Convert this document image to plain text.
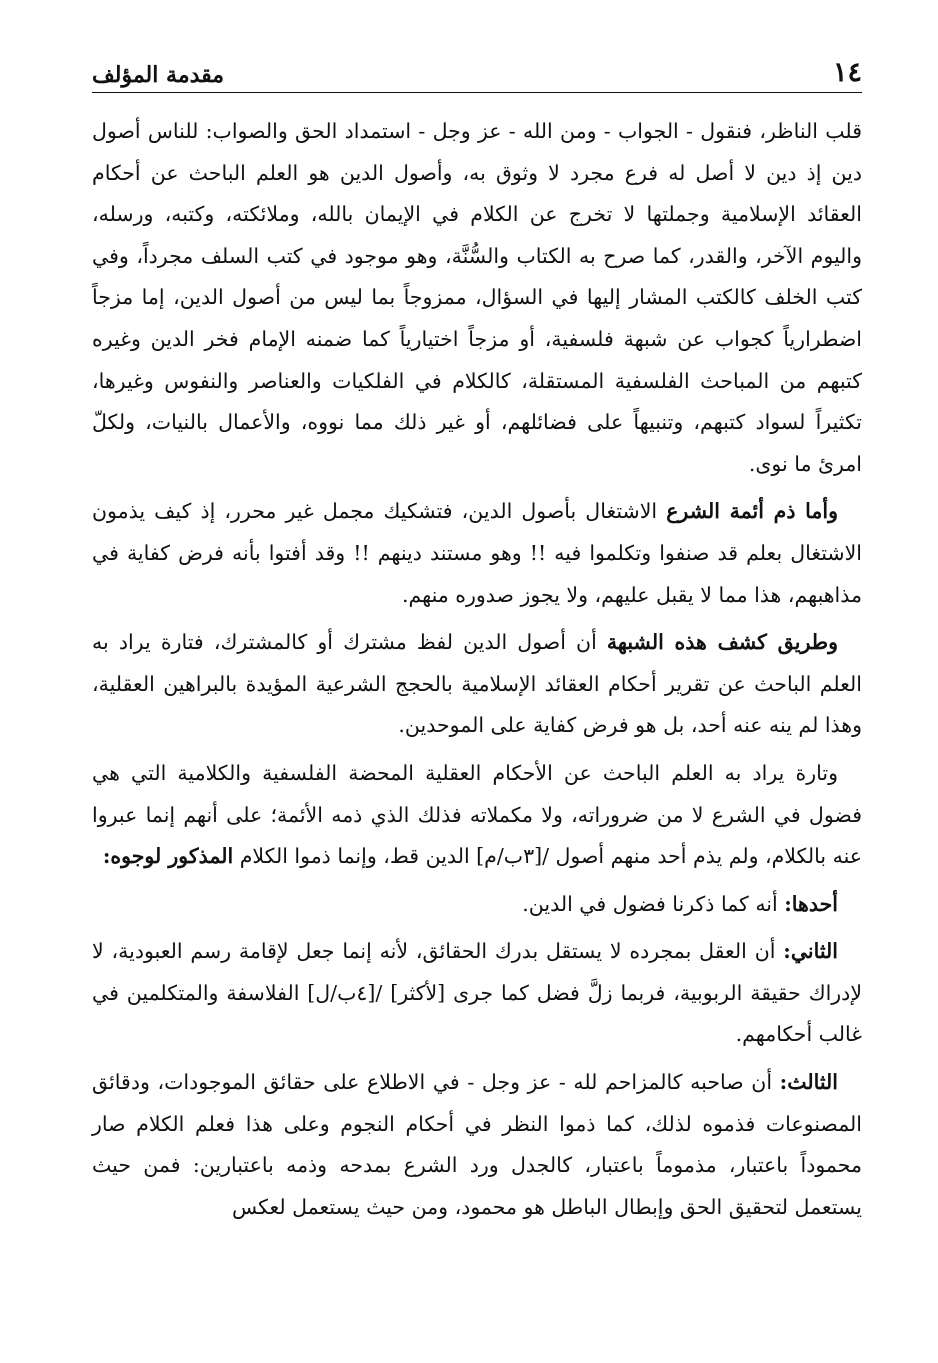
١٤
مقدمة المؤلف

قلب الناظر، فنقول - الجواب - ومن الله - عز وجل - استمداد الحق والصواب: للناس أصول دين إذ دين لا أصل له فرع مجرد لا وثوق به، وأصول الدين هو العلم الباحث عن أحكام العقائد الإسلامية وجملتها لا تخرج عن الكلام في الإيمان بالله، وملائكته، وكتبه، ورسله، واليوم الآخر، والقدر، كما صرح به الكتاب والسُّنَّة، وهو موجود في كتب السلف مجرداً، وفي كتب الخلف كالكتب المشار إليها في السؤال، ممزوجاً بما ليس من أصول الدين، إما مزجاً اضطرارياً كجواب عن شبهة فلسفية، أو مزجاً اختيارياً كما ضمنه الإمام فخر الدين وغيره كتبهم من المباحث الفلسفية المستقلة، كالكلام في الفلكيات والعناصر والنفوس وغيرها، تكثيراً لسواد كتبهم، وتنبيهاً على فضائلهم، أو غير ذلك مما نووه، والأعمال بالنيات، ولكلّ امرئ ما نوى.

وأما ذم أئمة الشرع الاشتغال بأصول الدين، فتشكيك مجمل غير محرر، إذ كيف يذمون الاشتغال بعلم قد صنفوا وتكلموا فيه !! وهو مستند دينهم !! وقد أفتوا بأنه فرض كفاية في مذاهبهم، هذا مما لا يقبل عليهم، ولا يجوز صدوره منهم.

وطريق كشف هذه الشبهة أن أصول الدين لفظ مشترك أو كالمشترك، فتارة يراد به العلم الباحث عن تقرير أحكام العقائد الإسلامية بالحجج الشرعية المؤيدة بالبراهين العقلية، وهذا لم ينه عنه أحد، بل هو فرض كفاية على الموحدين.

وتارة يراد به العلم الباحث عن الأحكام العقلية المحضة الفلسفية والكلامية التي هي فضول في الشرع لا من ضروراته، ولا مكملاته فذلك الذي ذمه الأئمة؛ على أنهم إنما عبروا عنه بالكلام، ولم يذم أحد منهم أصول /[٣ب/م] الدين قط، وإنما ذموا الكلام المذكور لوجوه:

أحدها: أنه كما ذكرنا فضول في الدين.

الثاني: أن العقل بمجرده لا يستقل بدرك الحقائق، لأنه إنما جعل لإقامة رسم العبودية، لا لإدراك حقيقة الربوبية، فربما زلَّ فضل كما جرى [لأكثر] /[٤ب/ل] الفلاسفة والمتكلمين في غالب أحكامهم.

الثالث: أن صاحبه كالمزاحم لله - عز وجل - في الاطلاع على حقائق الموجودات، ودقائق المصنوعات فذموه لذلك، كما ذموا النظر في أحكام النجوم وعلى هذا فعلم الكلام صار محموداً باعتبار، مذموماً باعتبار، كالجدل ورد الشرع بمدحه وذمه باعتبارين: فمن حيث يستعمل لتحقيق الحق وإبطال الباطل هو محمود، ومن حيث يستعمل لعكس
